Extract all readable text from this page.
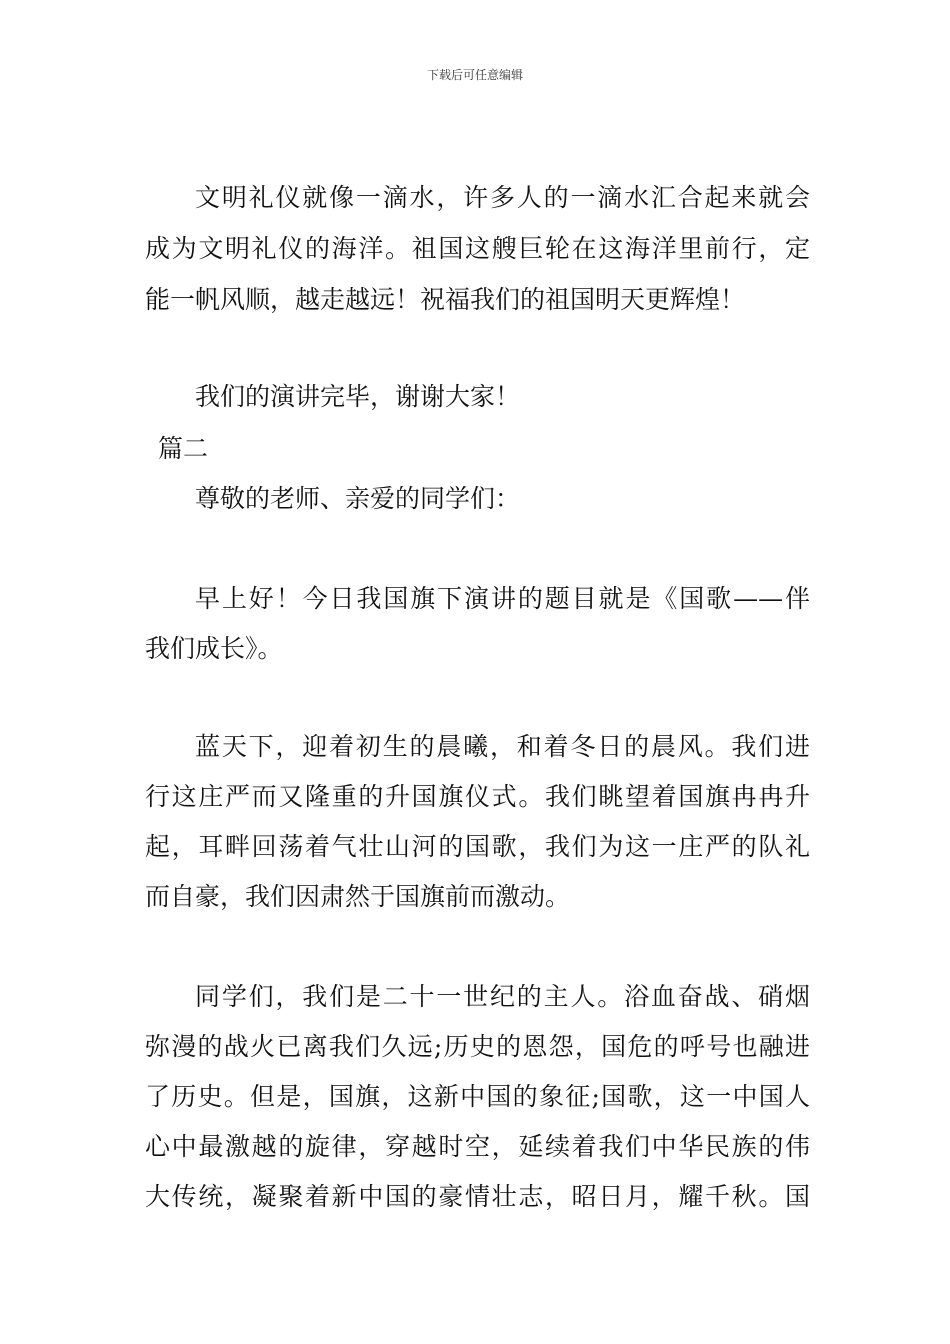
下载后可任意编辑
文明礼仪就像一滴水，许多人的一滴水汇合起来就会
成为文明礼仪的海洋。祖国这艘巨轮在这海洋里前行，定
能一帆风顺，越走越远！祝福我们的祖国明天更辉煌！
我们的演讲完毕，谢谢大家！
篇二
尊敬的老师、亲爱的同学们：
早上好！今日我国旗下演讲的题目就是《国歌——伴
我们成长》。
蓝天下，迎着初生的晨曦，和着冬日的晨风。我们进
行这庄严而又隆重的升国旗仪式。我们眺望着国旗冉冉升
起，耳畔回荡着气壮山河的国歌，我们为这一庄严的队礼
而自豪，我们因肃然于国旗前而激动。
同学们，我们是二十一世纪的主人。浴血奋战、硝烟
弥漫的战火已离我们久远;历史的恩怨，国危的呼号也融进
了历史。但是，国旗，这新中国的象征;国歌，这一中国人
心中最激越的旋律，穿越时空，延续着我们中华民族的伟
大传统，凝聚着新中国的豪情壮志，昭日月，耀千秋。国
